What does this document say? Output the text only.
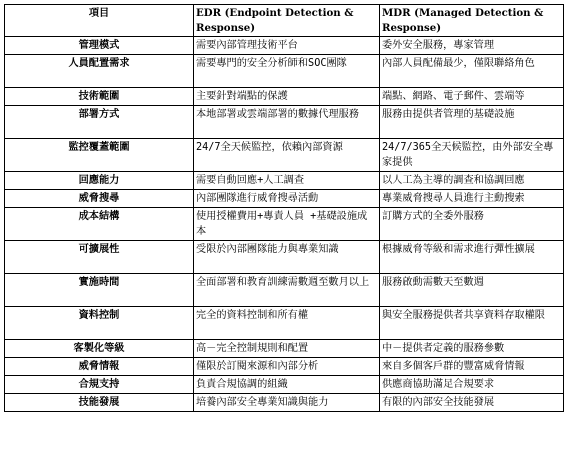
項目	EDR (Endpoint Detection & Response)	MDR (Managed Detection & Response)
管理模式	需要內部管理技術平台	委外安全服務，專家管理
人員配置需求	需要專門的安全分析師和SOC團隊	內部人員配備最少，僅限聯絡角色
技術範圍	主要針對端點的保護	端點、網路、電子郵件、雲端等
部署方式	本地部署或雲端部署的數據代理服務	服務由提供者管理的基礎設施
監控覆蓋範圍	24/7全天候監控，依賴內部資源	24/7/365全天候監控，由外部安全專家提供
回應能力	需要自動回應+人工調查	以人工為主導的調查和協調回應
威脅搜尋	內部團隊進行威脅搜尋活動	專業威脅搜尋人員進行主動搜索
成本結構	使用授權費用+專責人員 +基礎設施成本	訂購方式的全委外服務
可擴展性	受限於內部團隊能力與專業知識	根據威脅等級和需求進行彈性擴展
實施時間	全面部署和教育訓練需數週至數月以上	服務啟動需數天至數週
資料控制	完全的資料控制和所有權	與安全服務提供者共享資料存取權限
客製化等級	高－完全控制規則和配置	中－提供者定義的服務參數
威脅情報	僅限於訂閱來源和內部分析	來自多個客戶群的豐富威脅情報
合規支持	負責合規協調的組織	供應商協助滿足合規要求
技能發展	培養內部安全專業知識與能力	有限的內部安全技能發展
